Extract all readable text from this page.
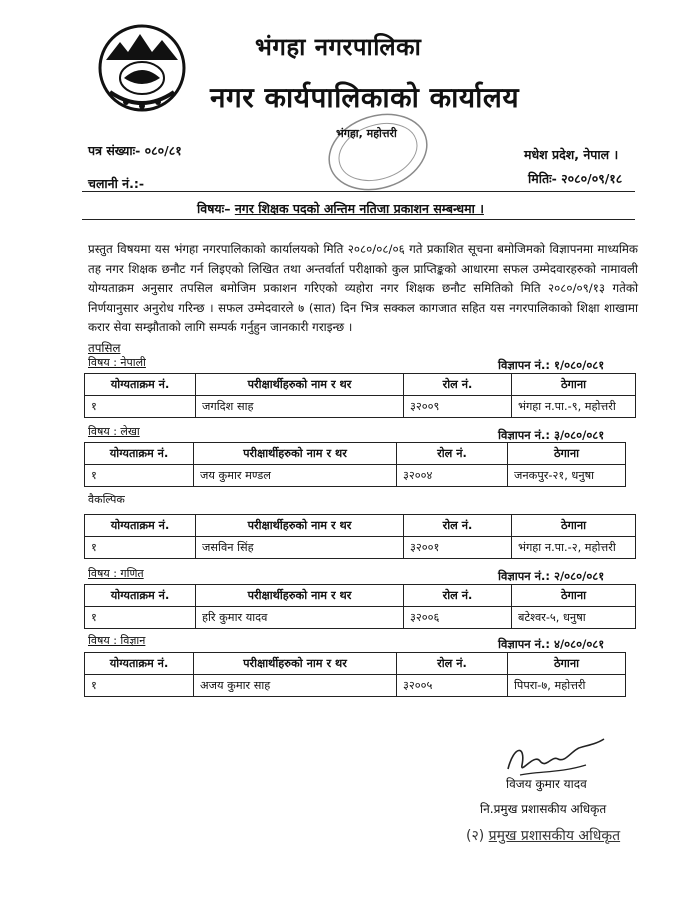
भंगहा नगरपालिका
नगर कार्यपालिकाको कार्यालय
भंगहा, महोत्तरी
पत्र संख्याः- ०८०/८१	मधेश प्रदेश, नेपाल ।
चलानी नं.:-	मितिः- २०८०/०९/१८
विषयः– नगर शिक्षक पदको अन्तिम नतिजा प्रकाशन सम्बन्धमा ।
प्रस्तुत विषयमा यस भंगहा नगरपालिकाको कार्यालयको मिति २०८०/०८/०६ गते प्रकाशित सूचना बमोजिमको विज्ञापनमा माध्यमिक तह नगर शिक्षक छनौट गर्न लिइएको लिखित तथा अन्तर्वार्ता परीक्षाको कुल प्राप्तिङ्कको आधारमा सफल उम्मेदवारहरुको नामावली योग्यताक्रम अनुसार तपसिल बमोजिम प्रकाशन गरिएको व्यहोरा नगर शिक्षक छनौट समितिको मिति २०८०/०९/१३ गतेको निर्णयानुसार अनुरोध गरिन्छ । सफल उम्मेदवारले ७ (सात) दिन भित्र सक्कल कागजात सहित यस नगरपालिकाको शिक्षा शाखामा करार सेवा सम्झौताको लागि सम्पर्क गर्नुहुन जानकारी गराइन्छ ।
तपसिल
विषय : नेपाली	विज्ञापन नं.: १/०८०/०८१
योग्यताक्रम नं.	परीक्षार्थीहरुको नाम र थर	रोल नं.	ठेगाना
१	जगदिश साह	३२००९	भंगहा न.पा.-९, महोत्तरी
विषय : लेखा	विज्ञापन नं.: ३/०८०/०८१
योग्यताक्रम नं.	परीक्षार्थीहरुको नाम र थर	रोल नं.	ठेगाना
१	जय कुमार मण्डल	३२००४	जनकपुर-२१, धनुषा
वैकल्पिक
योग्यताक्रम नं.	परीक्षार्थीहरुको नाम र थर	रोल नं.	ठेगाना
१	जसविन सिंह	३२००१	भंगहा न.पा.-२, महोत्तरी
विषय : गणित	विज्ञापन नं.: २/०८०/०८१
योग्यताक्रम नं.	परीक्षार्थीहरुको नाम र थर	रोल नं.	ठेगाना
१	हरि कुमार यादव	३२००६	बटेश्वर-५, धनुषा
विषय : विज्ञान	विज्ञापन नं.: ४/०८०/०८१
योग्यताक्रम नं.	परीक्षार्थीहरुको नाम र थर	रोल नं.	ठेगाना
१	अजय कुमार साह	३२००५	पिपरा-७, महोत्तरी
विजय कुमार यादव
नि.प्रमुख प्रशासकीय अधिकृत
(२) प्रमुख प्रशासकीय अधिकृत
